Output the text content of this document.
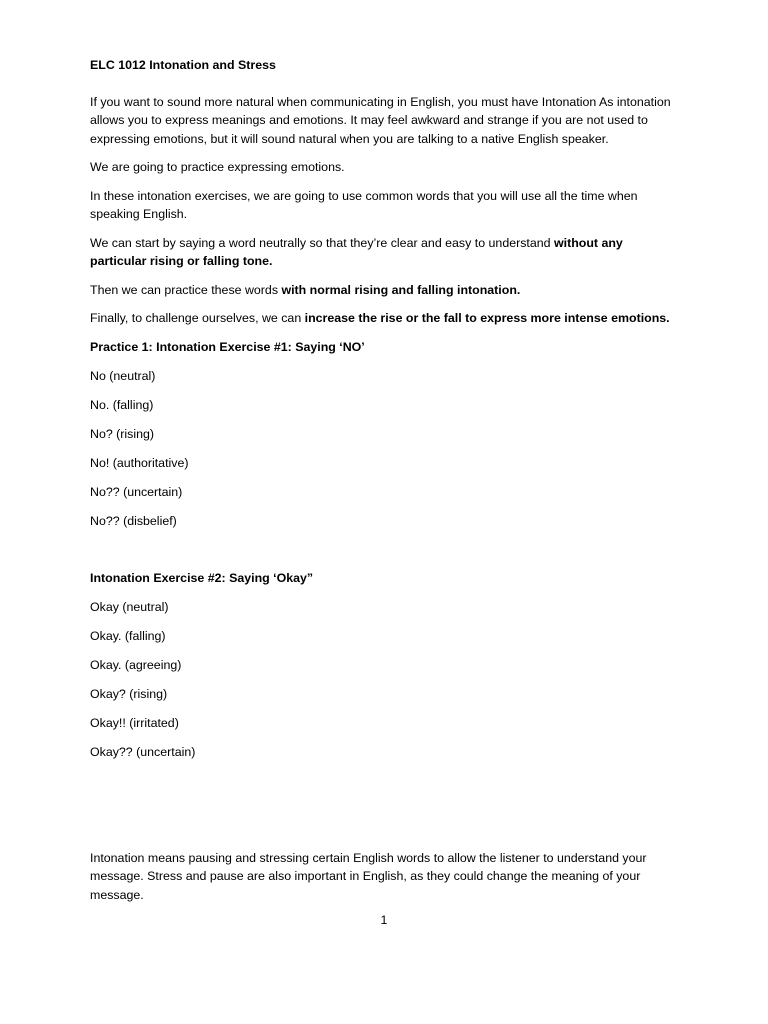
ELC 1012 Intonation and Stress

If you want to sound more natural when communicating in English, you must have Intonation As intonation allows you to express meanings and emotions. It may feel awkward and strange if you are not used to expressing emotions, but it will sound natural when you are talking to a native English speaker.

We are going to practice expressing emotions.

In these intonation exercises, we are going to use common words that you will use all the time when speaking English.

We can start by saying a word neutrally so that they’re clear and easy to understand without any particular rising or falling tone.

Then we can practice these words with normal rising and falling intonation.

Finally, to challenge ourselves, we can increase the rise or the fall to express more intense emotions.

Practice 1: Intonation Exercise #1: Saying ‘NO’

No (neutral)

No. (falling)

No? (rising)

No! (authoritative)

No?? (uncertain)

No?? (disbelief)

Intonation Exercise #2: Saying ‘Okay”

Okay (neutral)

Okay. (falling)

Okay. (agreeing)

Okay? (rising)

Okay!! (irritated)

Okay?? (uncertain)

Intonation means pausing and stressing certain English words to allow the listener to understand your message. Stress and pause are also important in English, as they could change the meaning of your message.

1
